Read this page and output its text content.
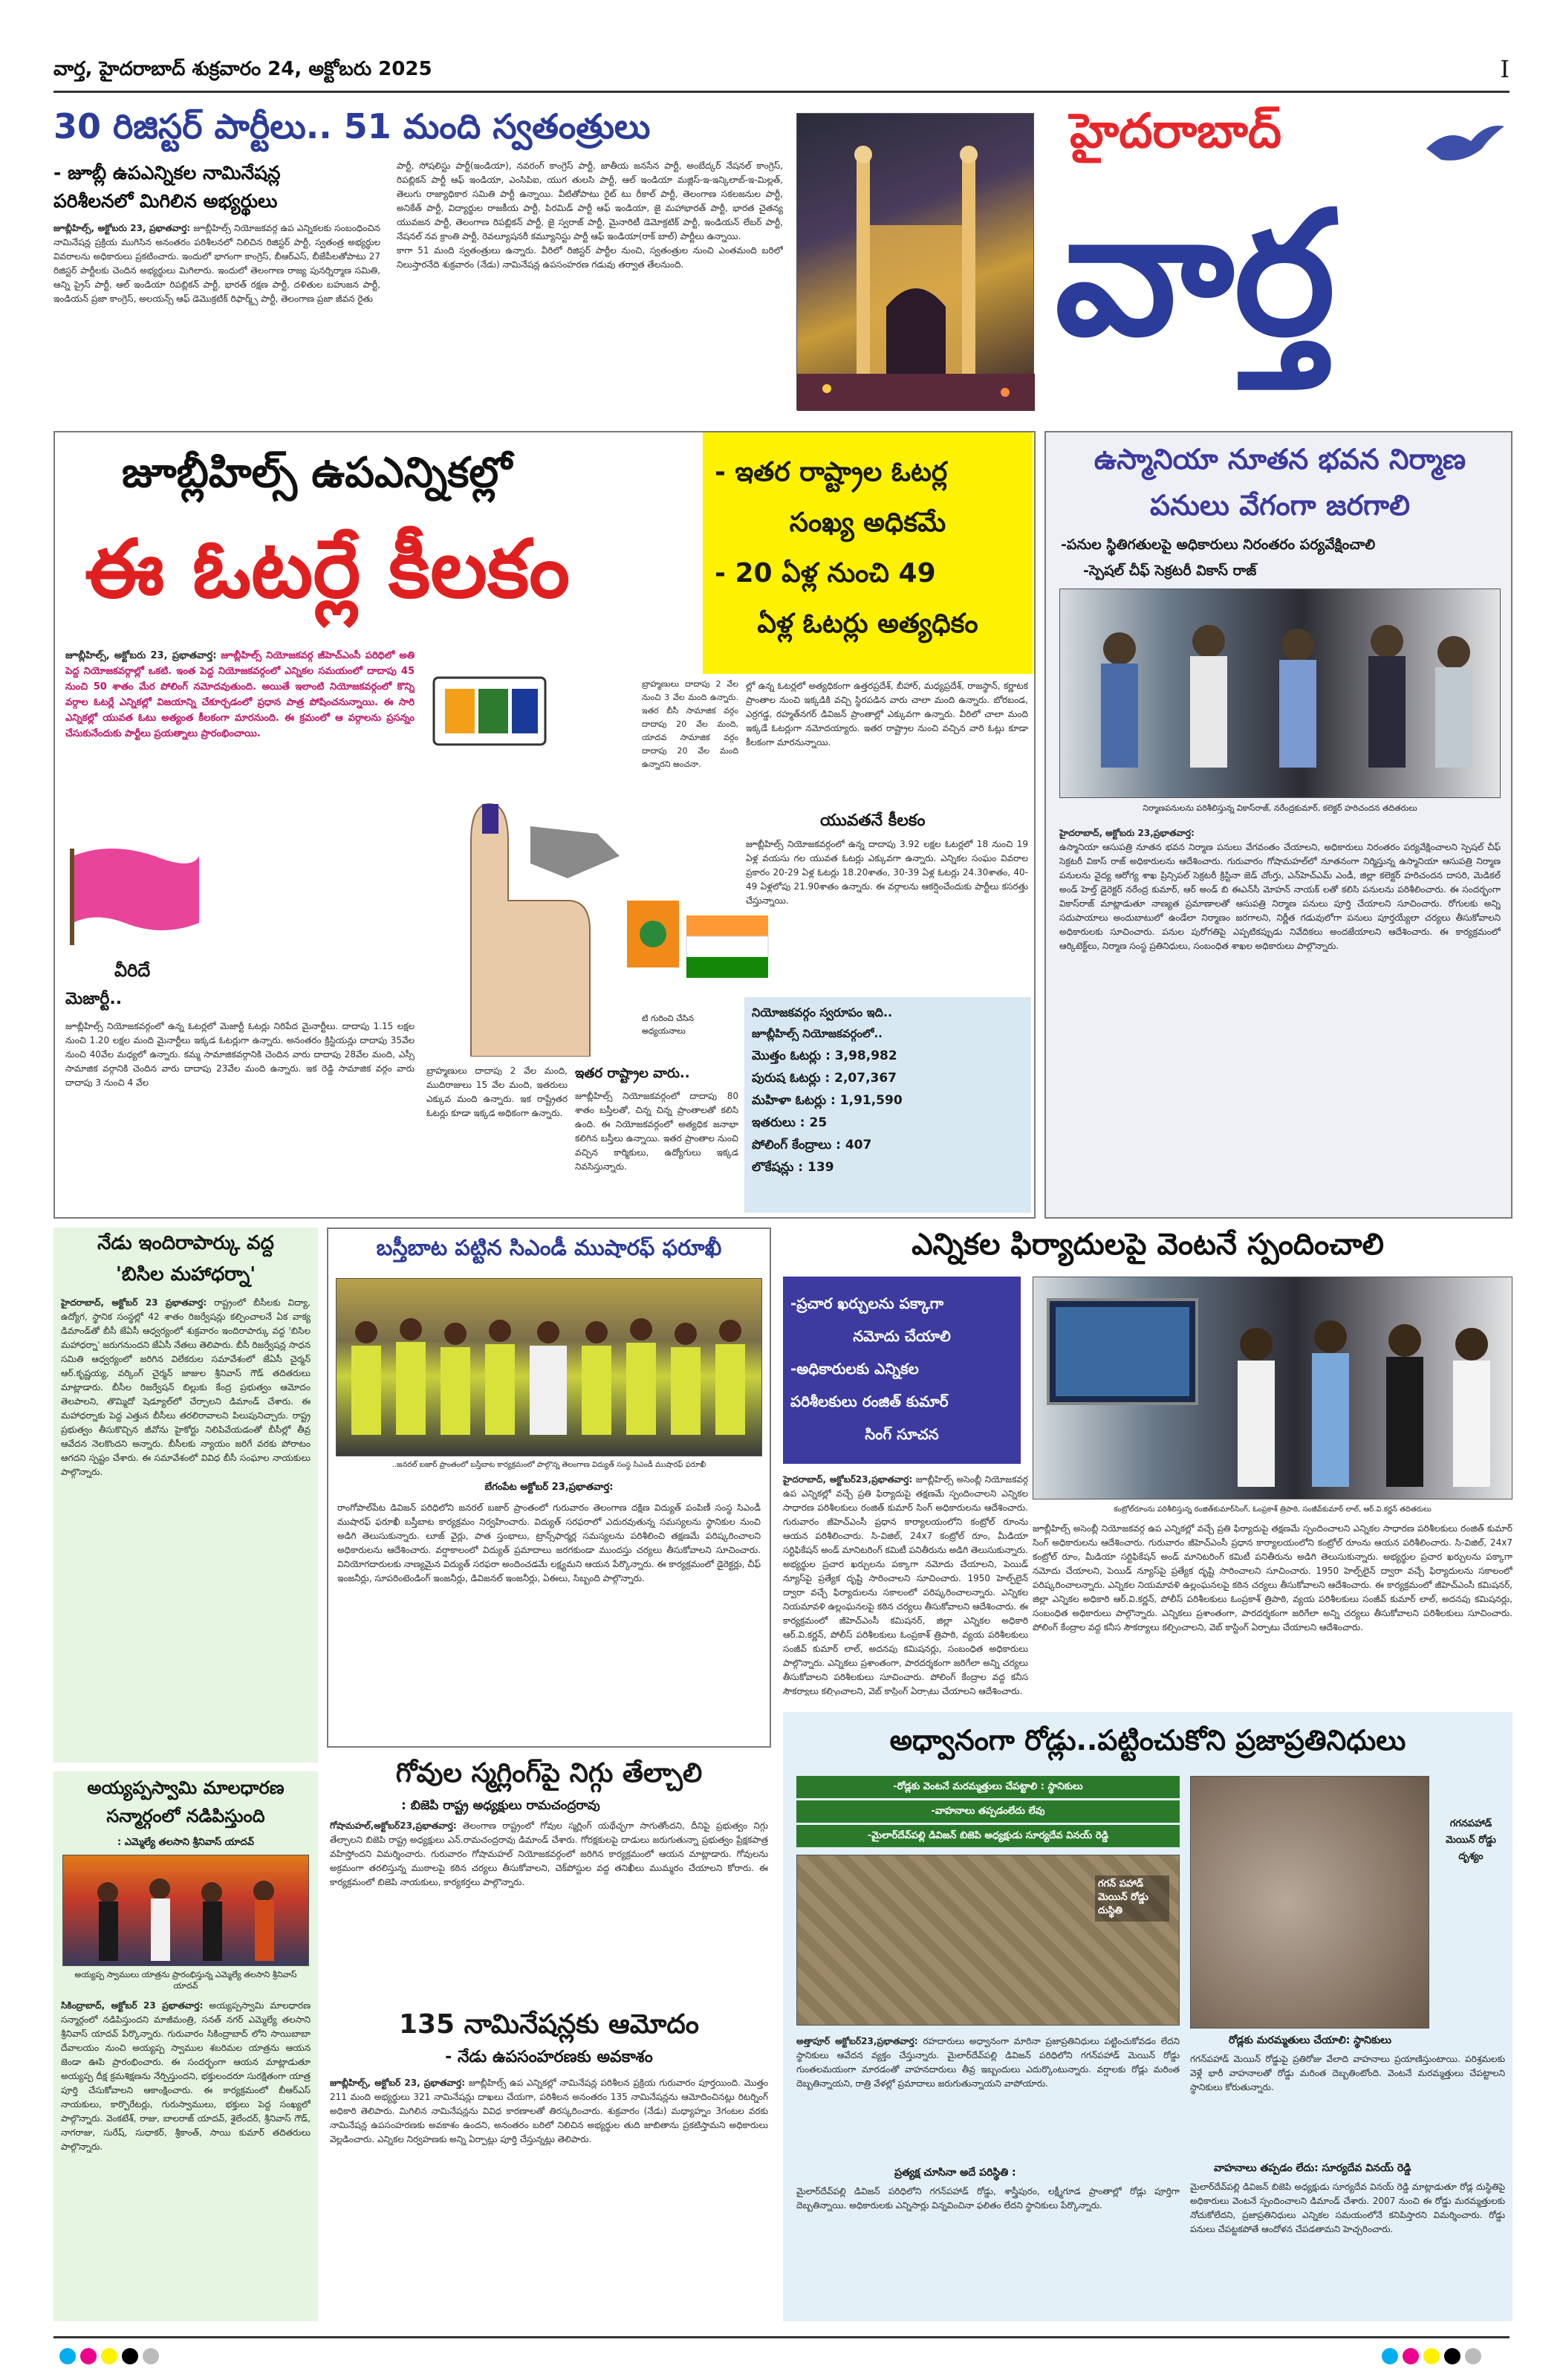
వార్త, హైదరాబాద్ శుక్రవారం 24, అక్టోబరు 2025	I
30 రిజిస్టర్ పార్టీలు.. 51 మంది స్వతంత్రులు
- జూబ్లీ ఉపఎన్నికల నామినేషన్ల
పరిశీలనలో మిగిలిన అభ్యర్థులు
జూబ్లీహిల్స్, అక్టోబరు 23, ప్రభాతవార్త: జూబ్లీహిల్స్ నియోజకవర్గ ఉప ఎన్నికలకు సంబంధించిన నామినేషన్ల ప్రక్రియ ముగిసిన అనంతరం పరిశీలనలో నిలిచిన రిజిస్టర్ పార్టీ, స్వతంత్ర అభ్యర్థుల వివరాలను అధికారులు ప్రకటించారు. ఇందులో భాగంగా కాంగ్రెస్, బీఆర్ఎస్, బీజేపీలతోపాటు 27 రిజిస్టర్ పార్టీలకు చెందిన అభ్యర్థులు మిగిలారు. ఇందులో తెలంగాణ రాజ్య పునర్నిర్మాణ సమితి, ఆన్ని ప్రైస్ పార్టీ, ఆల్ ఇండియా రిపబ్లికన్ పార్టీ, భారత్ రక్షణ పార్టీ, దళితుల బహుజన పార్టీ, ఇండియన్ ప్రజా కాంగ్రెస్, అలయన్స్ ఆఫ్ డెమొక్రటిక్ రిఫార్మ్స్ పార్టీ, తెలంగాణ ప్రజా జీవన రైతు
పార్టీ, సోషలిస్టు పార్టీ(ఇండియా), నవరంగ్ కాంగ్రెస్ పార్టీ, జాతీయ జనసేన పార్టీ, అంబేద్కర్ నేషనల్ కాంగ్రెస్, రిపబ్లికన్ పార్టీ ఆఫ్ ఇండియా, ఎంసిపిఐ, యుగ తులసి పార్టీ, ఆల్ ఇండియా మజ్లిస్-ఇ-ఇన్కిలాబ్-ఇ-మిల్లత్, తెలుగు రాజ్యాధికార సమితి పార్టీ ఉన్నాయి. వీటితోపాటు రైట్ టు రీకాల్ పార్టీ, తెలంగాణ సకలజనుల పార్టీ, అనికేత్ పార్టీ, విద్యార్థుల రాజకీయ పార్టీ, పిరమిడ్ పార్టీ ఆఫ్ ఇండియా, జై మహాభారత్ పార్టీ, భారత చైతన్య యువజన పార్టీ, తెలంగాణ రిపబ్లికన్ పార్టీ, జై స్వరాజ్ పార్టీ, మైనారిటీ డెమోక్రటిక్ పార్టీ, ఇండియన్ లేబర్ పార్టీ, నేషనల్ నవ క్రాంతి పార్టీ, రెవల్యూషనరీ కమ్యూనిస్టు పార్టీ ఆఫ్ ఇండియా(రాక్ బాల్) పార్టీలు ఉన్నాయి.
కాగా 51 మంది స్వతంత్రులు ఉన్నారు. వీరిలో రిజిస్టర్ పార్టీల నుంచి, స్వతంత్రుల నుంచి ఎంతమంది బరిలో నిలుస్తారనేది శుక్రవారం (నేడు) నామినేషన్ల ఉపసంహరణ గడువు తర్వాత తేలనుంది.
హైదరాబాద్
వార్త
జూబ్లీహిల్స్ ఉపఎన్నికల్లో
ఈ ఓటర్లే కీలకం
- ఇతర రాష్ట్రాల ఓటర్ల
సంఖ్య అధికమే
- 20 ఏళ్ల నుంచి 49
ఏళ్ల ఓటర్లు అత్యధికం
జూబ్లీహిల్స్, అక్టోబరు 23, ప్రభాతవార్త: జూబ్లీహిల్స్ నియోజకవర్గ జీహెచ్ఎంసీ పరిధిలో అతి పెద్ద నియోజకవర్గాల్లో ఒకటి. ఇంత పెద్ద నియోజకవర్గంలో ఎన్నికల సమయంలో దాదాపు 45 నుంచి 50 శాతం మేర పోలింగ్ నమోదవుతుంది. అయితే ఇలాంటి నియోజకవర్గంలో కొన్ని వర్గాల ఓటర్లే ఎన్నికల్లో విజయాన్ని చేకూర్చడంలో ప్రధాన పాత్ర పోషించనున్నాయి. ఈ సారి ఎన్నికల్లో యువత ఓటు అత్యంత కీలకంగా మారనుంది. ఈ క్రమంలో ఆ వర్గాలను ప్రసన్నం చేసుకునేందుకు పార్టీలు ప్రయత్నాలు ప్రారంభించాయి.
వీరిదే
మెజార్టీ..
జూబ్లీహిల్స్ నియోజకవర్గంలో ఉన్న ఓటర్లలో మెజార్టీ ఓటర్లు నిరిపేద మైనార్టీలు. దాదాపు 1.15 లక్షల నుంచి 1.20 లక్షల మంది మైనార్టీలు ఇక్కడ ఓటర్లుగా ఉన్నారు. అనంతరం క్రిస్టియన్లు దాదాపు 35వేల నుంచి 40వేల మధ్యలో ఉన్నారు. కమ్మ సామాజికవర్గానికి చెందిన వారు దాదాపు 28వేల మంది, ఎస్సీ సామాజిక వర్గానికి చెందిన వారు దాదాపు 23వేల మంది ఉన్నారు. ఇక రెడ్డి సామాజిక వర్గం వారు దాదాపు 3 నుంచి 4 వేల
బ్రాహ్మణులు దాదాపు 2 వేల నుంచి 3 వేల మంది ఉన్నారు. ఇతర బీసీ సామాజిక వర్గం దాదాపు 20 వేల మంది, యాదవ సామాజిక వర్గం దాదాపు 20 వేల మంది ఉన్నారని అంచనా.
టి గురించి చేసిన అధ్యయనాలు
ల్లో ఉన్న ఓటర్లలో అత్యధికంగా ఉత్తరప్రదేశ్, బీహార్, మధ్యప్రదేశ్, రాజస్థాన్, కర్ణాటక ప్రాంతాల నుంచి ఇక్కడికి వచ్చి స్థిరపడిన వారు చాలా మంది ఉన్నారు. బోరబండ, ఎర్రగడ్డ, రహ్మత్‌నగర్ డివిజన్ ప్రాంతాల్లో ఎక్కువగా ఉన్నారు. వీరిలో చాలా మంది ఇక్కడే ఓటర్లుగా నమోదయ్యారు. ఇతర రాష్ట్రాల నుంచి వచ్చిన వారి ఓట్లు కూడా కీలకంగా మారనున్నాయి.
యువతనే కీలకం
జూబ్లీహిల్స్ నియోజకవర్గంలో ఉన్న దాదాపు 3.92 లక్షల ఓటర్లలో 18 నుంచి 19 ఏళ్ల వయసు గల యువత ఓటర్లు ఎక్కువగా ఉన్నారు. ఎన్నికల సంఘం వివరాల ప్రకారం 20-29 ఏళ్ల ఓటర్లు 18.20శాతం, 30-39 ఏళ్ల ఓటర్లు 24.30శాతం, 40-49 ఏళ్లలోపు 21.90శాతం ఉన్నారు. ఈ వర్గాలను ఆకర్షించేందుకు పార్టీలు కసరత్తు చేస్తున్నాయి.
నియోజకవర్గం స్వరూపం ఇది..
జూబ్లీహిల్స్ నియోజకవర్గంలో..
మొత్తం ఓటర్లు : 3,98,982
పురుష ఓటర్లు : 2,07,367
మహిళా ఓటర్లు : 1,91,590
ఇతరులు : 25
పోలింగ్ కేంద్రాలు : 407
లొకేషన్లు : 139
బ్రాహ్మణులు దాదాపు 2 వేల మంది, ముదిరాజులు 15 వేల మంది, ఇతరులు ఎక్కువ మంది ఉన్నారు. ఇక రాష్ట్రేతర ఓటర్లు కూడా ఇక్కడ అధికంగా ఉన్నారు.
ఇతర రాష్ట్రాల వారు..
జూబ్లీహిల్స్ నియోజకవర్గంలో దాదాపు 80 శాతం బస్తీలతో, చిన్న చిన్న ప్రాంతాలతో కలిసి ఉంది. ఈ నియోజకవర్గంలో అత్యధిక జనాభా కలిగిన బస్తీలు ఉన్నాయి. ఇతర ప్రాంతాల నుంచి వచ్చిన కార్మికులు, ఉద్యోగులు ఇక్కడ నివసిస్తున్నారు.
ఉస్మానియా నూతన భవన నిర్మాణ
పనులు వేగంగా జరగాలి
-పనుల స్థితిగతులపై అధికారులు నిరంతరం పర్యవేక్షించాలి
-స్పెషల్ చీఫ్ సెక్రటరీ వికాస్ రాజ్
నిర్మాణపనులను పరిశీలిస్తున్న వికాస్‌రాజ్, నరేంద్రకుమార్, కలెక్టర్ హరిచందన తదితరులు
హైదరాబాద్, అక్టోబరు 23,ప్రభాతవార్త:
ఉస్మానియా ఆసుపత్రి నూతన భవన నిర్మాణ పనులు వేగవంతం చేయాలని, అధికారులు నిరంతరం పర్యవేక్షించాలని స్పెషల్ చీఫ్ సెక్రటరీ వికాస్ రాజ్ అధికారులను ఆదేశించారు. గురువారం గోషామహల్‌లో నూతనంగా నిర్మిస్తున్న ఉస్మానియా ఆసుపత్రి నిర్మాణ పనులను వైద్య ఆరోగ్య శాఖ ప్రిన్సిపల్ సెక్రటరీ క్రిస్టినా జెడ్ చోంగ్తు, ఎన్‌హెచ్ఎమ్ ఎండీ, జిల్లా కలెక్టర్ హరిచందన దాసరి, మెడికల్ అండ్ హెల్త్ డైరెక్టర్ నరేంద్ర కుమార్, ఆర్ అండ్ బి ఈఎన్‌సీ మోహన్ నాయక్ లతో కలిసి పనులను పరిశీలించారు. ఈ సందర్భంగా వికాస్‌రాజ్ మాట్లాడుతూ నాణ్యత ప్రమాణాలతో ఆసుపత్రి నిర్మాణ పనులు పూర్తి చేయాలని సూచించారు. రోగులకు అన్ని సదుపాయాలు అందుబాటులో ఉండేలా నిర్మాణం జరగాలని, నిర్ణీత గడువులోగా పనులు పూర్తయ్యేలా చర్యలు తీసుకోవాలని అధికారులకు సూచించారు. పనుల పురోగతిపై ఎప్పటికప్పుడు నివేదికలు అందజేయాలని ఆదేశించారు. ఈ కార్యక్రమంలో ఆర్కిటెక్ట్‌లు, నిర్మాణ సంస్థ ప్రతినిధులు, సంబంధిత శాఖల అధికారులు పాల్గొన్నారు.
నేడు ఇందిరాపార్కు వద్ద
'బిసిల మహాధర్నా'
హైదరాబాద్, అక్టోబర్ 23 ప్రభాతవార్త: రాష్ట్రంలో బీసీలకు విద్యా, ఉద్యోగ, స్థానిక సంస్థల్లో 42 శాతం రిజర్వేషన్లు కల్పించాలనే ఏక వాక్య డిమాండ్‌తో బీసీ జేఏసీ ఆధ్వర్యంలో శుక్రవారం ఇందిరాపార్కు వద్ద 'బిసిల మహాధర్నా' జరుగనుందని జేఏసీ నేతలు తెలిపారు. బీసీ రిజర్వేషన్ల సాధన సమితి ఆధ్వర్యంలో జరిగిన విలేకరుల సమావేశంలో జేఏసీ చైర్మన్ ఆర్.కృష్ణయ్య, వర్కింగ్ చైర్మన్ జాజుల శ్రీనివాస్ గౌడ్ తదితరులు మాట్లాడారు. బీసీల రిజర్వేషన్ బిల్లుకు కేంద్ర ప్రభుత్వం ఆమోదం తెలపాలని, తొమ్మిదో షెడ్యూల్‌లో చేర్చాలని డిమాండ్ చేశారు. ఈ మహాధర్నాకు పెద్ద ఎత్తున బీసీలు తరలిరావాలని పిలుపునిచ్చారు. రాష్ట్ర ప్రభుత్వం తీసుకొచ్చిన జీవోను హైకోర్టు నిలిపివేయడంతో బీసీల్లో తీవ్ర ఆవేదన నెలకొందని అన్నారు. బీసీలకు న్యాయం జరిగే వరకు పోరాటం ఆగదని స్పష్టం చేశారు. ఈ సమావేశంలో వివిధ బీసీ సంఘాల నాయకులు పాల్గొన్నారు.
అయ్యప్పస్వామి మాలధారణ
సన్మార్గంలో నడిపిస్తుంది
: ఎమ్మెల్యే తలసాని శ్రీనివాస్ యాదవ్
అయ్యప్ప స్వాములు యాత్రను ప్రారంభిస్తున్న ఎమ్మెల్యే తలసాని శ్రీనివాస్ యాదవ్
సికింద్రాబాద్, అక్టోబర్ 23 ప్రభాతవార్త: అయ్యప్పస్వామి మాలధారణ సన్మార్గంలో నడిపిస్తుందని మాజీమంత్రి, సనత్ నగర్ ఎమ్మెల్యే తలసాని శ్రీనివాస్ యాదవ్ పేర్కొన్నారు. గురువారం సికింద్రాబాద్ లోని సాయిబాబా దేవాలయం నుంచి అయ్యప్ప స్వాముల శబరిమల యాత్రను ఆయన జెండా ఊపి ప్రారంభించారు. ఈ సందర్భంగా ఆయన మాట్లాడుతూ అయ్యప్ప దీక్ష క్రమశిక్షణను నేర్పిస్తుందని, భక్తులందరూ సురక్షితంగా యాత్ర పూర్తి చేసుకోవాలని ఆకాంక్షించారు. ఈ కార్యక్రమంలో బీఆర్ఎస్ నాయకులు, కార్పొరేటర్లు, గురుస్వాములు, భక్తులు పెద్ద సంఖ్యలో పాల్గొన్నారు. వెంకటేశ్, రాజు, బాలరాజ్ యాదవ్, శైలేందర్, శ్రీనివాస్ గౌడ్, నాగరాజు, సురేష్, సుధాకర్, శ్రీకాంత్, సాయి కుమార్ తదితరులు పాల్గొన్నారు.
బస్తీబాట పట్టిన సిఎండీ ముషారఫ్ ఫరూఖీ
..జనరల్ బజార్ ప్రాంతంలో బస్తీబాట కార్యక్రమంలో పాల్గొన్న తెలంగాణ విద్యుత్ సంస్థ సిఎండీ ముషారఫ్ ఫరూఖీ
బేగంపేట అక్టోబర్ 23,ప్రభాతవార్త:
రాంగోపాల్‌పేట డివిజన్ పరిధిలోని జనరల్ బజార్ ప్రాంతంలో గురువారం తెలంగాణ దక్షిణ విద్యుత్ పంపిణీ సంస్థ సిఎండీ ముషారఫ్ ఫరూఖీ బస్తీబాట కార్యక్రమం నిర్వహించారు. విద్యుత్ సరఫరాలో ఎదురవుతున్న సమస్యలను స్థానికుల నుంచి అడిగి తెలుసుకున్నారు. లూజ్ వైర్లు, పాత స్తంభాలు, ట్రాన్స్‌ఫార్మర్ల సమస్యలను పరిశీలించి తక్షణమే పరిష్కరించాలని అధికారులను ఆదేశించారు. వర్షాకాలంలో విద్యుత్ ప్రమాదాలు జరగకుండా ముందస్తు చర్యలు తీసుకోవాలని సూచించారు. వినియోగదారులకు నాణ్యమైన విద్యుత్ సరఫరా అందించడమే లక్ష్యమని ఆయన పేర్కొన్నారు. ఈ కార్యక్రమంలో డైరెక్టర్లు, చీఫ్ ఇంజనీర్లు, సూపరింటెండింగ్ ఇంజనీర్లు, డివిజనల్ ఇంజనీర్లు, ఏఈలు, సిబ్బంది పాల్గొన్నారు.
గోవుల స్మగ్లింగ్‌పై నిగ్గు తేల్చాలి
: బిజెపి రాష్ట్ర అధ్యక్షులు రామచంద్రరావు
గోషామహల్,అక్టోబర్23,ప్రభాతవార్త: తెలంగాణ రాష్ట్రంలో గోవుల స్మగ్లింగ్ యథేచ్ఛగా సాగుతోందని, దీనిపై ప్రభుత్వం నిగ్గు తేల్చాలని బిజెపి రాష్ట్ర అధ్యక్షులు ఎన్.రామచంద్రరావు డిమాండ్ చేశారు. గోరక్షకులపై దాడులు జరుగుతున్నా ప్రభుత్వం ప్రేక్షకపాత్ర వహిస్తోందని విమర్శించారు. గురువారం గోషామహల్ నియోజకవర్గంలో జరిగిన కార్యక్రమంలో ఆయన మాట్లాడారు. గోవులను అక్రమంగా తరలిస్తున్న ముఠాలపై కఠిన చర్యలు తీసుకోవాలని, చెక్‌పోస్టుల వద్ద తనిఖీలు ముమ్మరం చేయాలని కోరారు. ఈ కార్యక్రమంలో బిజెపి నాయకులు, కార్యకర్తలు పాల్గొన్నారు.
135 నామినేషన్లకు ఆమోదం
- నేడు ఉపసంహరణకు అవకాశం
జూబ్లీహిల్స్, అక్టోబర్ 23, ప్రభాతవార్త: జూబ్లీహిల్స్ ఉప ఎన్నికల్లో నామినేషన్ల పరిశీలన ప్రక్రియ గురువారం పూర్తయింది. మొత్తం 211 మంది అభ్యర్థులు 321 నామినేషన్లు దాఖలు చేయగా, పరిశీలన అనంతరం 135 నామినేషన్లను ఆమోదించినట్లు రిటర్నింగ్ అధికారి తెలిపారు. మిగిలిన నామినేషన్లను వివిధ కారణాలతో తిరస్కరించారు. శుక్రవారం (నేడు) మధ్యాహ్నం 3గంటల వరకు నామినేషన్ల ఉపసంహరణకు అవకాశం ఉందని, అనంతరం బరిలో నిలిచిన అభ్యర్థుల తుది జాబితాను ప్రకటిస్తామని అధికారులు వెల్లడించారు. ఎన్నికల నిర్వహణకు అన్ని ఏర్పాట్లు పూర్తి చేస్తున్నట్లు తెలిపారు.
ఎన్నికల ఫిర్యాదులపై వెంటనే స్పందించాలి
-ప్రచార ఖర్చులను పక్కాగా
నమోదు చేయాలి
-అధికారులకు ఎన్నికల
పరిశీలకులు రంజిత్ కుమార్
సింగ్ సూచన
కంట్రోల్‌రూంను పరిశీలిస్తున్న రంజిత్‌కుమార్‌సింగ్, ఓంప్రకాశ్ త్రిపాఠి, సంజీవ్‌కుమార్ లాల్, ఆర్.వి.కర్ణన్ తదితరులు
హైదరాబాద్, అక్టోబర్23,ప్రభాతవార్త: జూబ్లీహిల్స్ అసెంబ్లీ నియోజకవర్గ ఉప ఎన్నికల్లో వచ్చే ప్రతి ఫిర్యాదుపై తక్షణమే స్పందించాలని ఎన్నికల సాధారణ పరిశీలకులు రంజిత్ కుమార్ సింగ్ అధికారులను ఆదేశించారు. గురువారం జీహెచ్ఎంసీ ప్రధాన కార్యాలయంలోని కంట్రోల్ రూంను ఆయన పరిశీలించారు. సి-విజిల్, 24x7 కంట్రోల్ రూం, మీడియా సర్టిఫికేషన్ అండ్ మానిటరింగ్ కమిటీ పనితీరును అడిగి తెలుసుకున్నారు. అభ్యర్థుల ప్రచార ఖర్చులను పక్కాగా నమోదు చేయాలని, పెయిడ్ న్యూస్‌పై ప్రత్యేక దృష్టి సారించాలని సూచించారు. 1950 హెల్ప్‌లైన్ ద్వారా వచ్చే ఫిర్యాదులను సకాలంలో పరిష్కరించాలన్నారు. ఎన్నికల నియమావళి ఉల్లంఘనలపై కఠిన చర్యలు తీసుకోవాలని ఆదేశించారు. ఈ కార్యక్రమంలో జీహెచ్ఎంసీ కమిషనర్, జిల్లా ఎన్నికల అధికారి ఆర్.వి.కర్ణన్, పోలీస్ పరిశీలకులు ఓంప్రకాశ్ త్రిపాఠి, వ్యయ పరిశీలకులు సంజీవ్ కుమార్ లాల్, అదనపు కమిషనర్లు, సంబంధిత అధికారులు పాల్గొన్నారు. ఎన్నికలు ప్రశాంతంగా, పారదర్శకంగా జరిగేలా అన్ని చర్యలు తీసుకోవాలని పరిశీలకులు సూచించారు. పోలింగ్ కేంద్రాల వద్ద కనీస సౌకర్యాలు కల్పించాలని, వెబ్ కాస్టింగ్ ఏర్పాటు చేయాలని ఆదేశించారు.
జూబ్లీహిల్స్ అసెంబ్లీ నియోజకవర్గ ఉప ఎన్నికల్లో వచ్చే ప్రతి ఫిర్యాదుపై తక్షణమే స్పందించాలని ఎన్నికల సాధారణ పరిశీలకులు రంజిత్ కుమార్ సింగ్ అధికారులను ఆదేశించారు. గురువారం జీహెచ్ఎంసీ ప్రధాన కార్యాలయంలోని కంట్రోల్ రూంను ఆయన పరిశీలించారు. సి-విజిల్, 24x7 కంట్రోల్ రూం, మీడియా సర్టిఫికేషన్ అండ్ మానిటరింగ్ కమిటీ పనితీరును అడిగి తెలుసుకున్నారు. అభ్యర్థుల ప్రచార ఖర్చులను పక్కాగా నమోదు చేయాలని, పెయిడ్ న్యూస్‌పై ప్రత్యేక దృష్టి సారించాలని సూచించారు. 1950 హెల్ప్‌లైన్ ద్వారా వచ్చే ఫిర్యాదులను సకాలంలో పరిష్కరించాలన్నారు. ఎన్నికల నియమావళి ఉల్లంఘనలపై కఠిన చర్యలు తీసుకోవాలని ఆదేశించారు. ఈ కార్యక్రమంలో జీహెచ్ఎంసీ కమిషనర్, జిల్లా ఎన్నికల అధికారి ఆర్.వి.కర్ణన్, పోలీస్ పరిశీలకులు ఓంప్రకాశ్ త్రిపాఠి, వ్యయ పరిశీలకులు సంజీవ్ కుమార్ లాల్, అదనపు కమిషనర్లు, సంబంధిత అధికారులు పాల్గొన్నారు. ఎన్నికలు ప్రశాంతంగా, పారదర్శకంగా జరిగేలా అన్ని చర్యలు తీసుకోవాలని పరిశీలకులు సూచించారు. పోలింగ్ కేంద్రాల వద్ద కనీస సౌకర్యాలు కల్పించాలని, వెబ్ కాస్టింగ్ ఏర్పాటు చేయాలని ఆదేశించారు.
అధ్వానంగా రోడ్లు..పట్టించుకోని ప్రజాప్రతినిధులు
-రోడ్లకు వెంటనే మరమ్మత్తులు చేపట్టాలి : స్థానికులు
-వాహనాలు తప్పడంలేదు లేవు
-మైలార్‌దేవ్‌పల్లి డివిజన్ బిజెపి అధ్యక్షుడు సూర్యదేవ వినయ్ రెడ్డి
గగన్ పహాడ్ మెయిన్ రోడ్డు దుస్థితి
గగనపహాడ్ మెయిన్ రోడ్డు దృశ్యం
అత్తాపూర్ అక్టోబర్23,ప్రభాతవార్త: రహదారులు అధ్వానంగా మారినా ప్రజాప్రతినిధులు పట్టించుకోవడం లేదని స్థానికులు ఆవేదన వ్యక్తం చేస్తున్నారు. మైలార్‌దేవ్‌పల్లి డివిజన్ పరిధిలోని గగన్‌పహాడ్ మెయిన్ రోడ్డు గుంతలమయంగా మారడంతో వాహనదారులు తీవ్ర ఇబ్బందులు ఎదుర్కొంటున్నారు. వర్షాలకు రోడ్లు మరింత దెబ్బతిన్నాయని, రాత్రి వేళల్లో ప్రమాదాలు జరుగుతున్నాయని వాపోయారు.
ప్రత్యక్ష చూసినా అదే పరిస్థితి :
మైలార్‌దేవ్‌పల్లి డివిజన్ పరిధిలోని గగన్‌పహాడ్ రోడ్డు, శాస్త్రీపురం, లక్ష్మీగూడ ప్రాంతాల్లో రోడ్లు పూర్తిగా దెబ్బతిన్నాయి. అధికారులకు ఎన్నిసార్లు విన్నవించినా ఫలితం లేదని స్థానికులు పేర్కొన్నారు.
రోడ్లకు మరమ్మతులు చేయాలి: స్థానికులు
గగన్‌పహాడ్ మెయిన్ రోడ్డుపై ప్రతిరోజు వేలాది వాహనాలు ప్రయాణిస్తుంటాయి. పరిశ్రమలకు వెళ్లే భారీ వాహనాలతో రోడ్డు మరింత దెబ్బతింటోంది. వెంటనే మరమ్మత్తులు చేపట్టాలని స్థానికులు కోరుతున్నారు.
వాహనాలు తప్పడం లేదు: సూర్యదేవ వినయ్ రెడ్డి
మైలార్‌దేవ్‌పల్లి డివిజన్ బిజెపి అధ్యక్షుడు సూర్యదేవ వినయ్ రెడ్డి మాట్లాడుతూ రోడ్ల దుస్థితిపై అధికారులు వెంటనే స్పందించాలని డిమాండ్ చేశారు. 2007 నుంచి ఈ రోడ్డు మరమ్మత్తులకు నోచుకోలేదని, ప్రజాప్రతినిధులు ఎన్నికల సమయంలోనే కనిపిస్తారని విమర్శించారు. రోడ్డు పనులు చేపట్టకపోతే ఆందోళన చేపడతామని హెచ్చరించారు.
